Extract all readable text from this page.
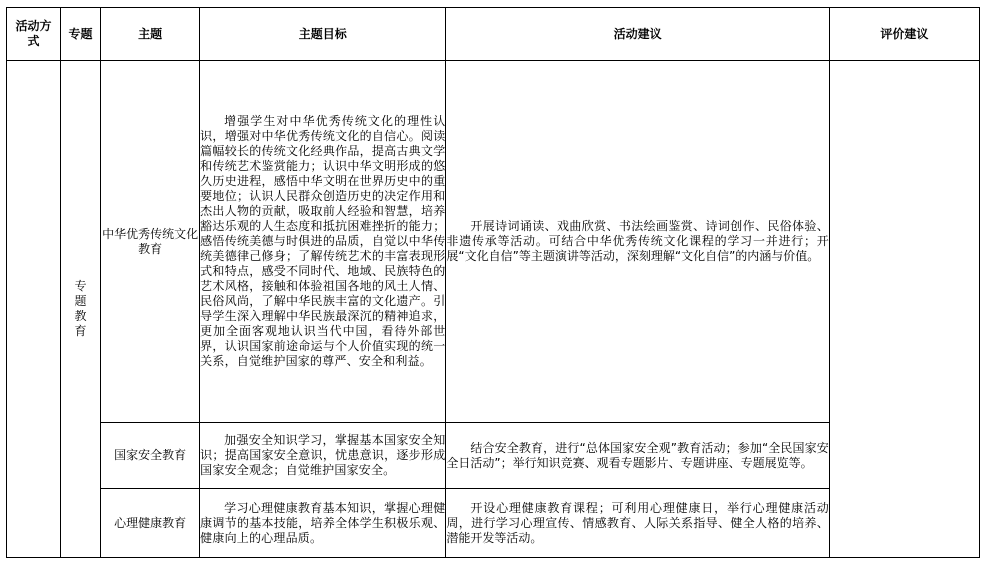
活动方式	专题	主题	主题目标	活动建议	评价建议
	专题教育	中华优秀传统文化教育	增强学生对中华优秀传统文化的理性认识，增强对中华优秀传统文化的自信心。阅读篇幅较长的传统文化经典作品，提高古典文学和传统艺术鉴赏能力；认识中华文明形成的悠久历史进程，感悟中华文明在世界历史中的重要地位；认识人民群众创造历史的决定作用和杰出人物的贡献，吸取前人经验和智慧，培养豁达乐观的人生态度和抵抗困难挫折的能力；感悟传统美德与时俱进的品质，自觉以中华传统美德律己修身；了解传统艺术的丰富表现形式和特点，感受不同时代、地域、民族特色的艺术风格，接触和体验祖国各地的风土人情、民俗风尚，了解中华民族丰富的文化遗产。引导学生深入理解中华民族最深沉的精神追求，更加全面客观地认识当代中国，看待外部世界，认识国家前途命运与个人价值实现的统一关系，自觉维护国家的尊严、安全和利益。	开展诗词诵读、戏曲欣赏、书法绘画鉴赏、诗词创作、民俗体验、非遗传承等活动。可结合中华优秀传统文化课程的学习一并进行；开展“文化自信”等主题演讲等活动，深刻理解“文化自信”的内涵与价值。	

		国家安全教育	加强安全知识学习，掌握基本国家安全知识；提高国家安全意识，忧患意识，逐步形成国家安全观念；自觉维护国家安全。	结合安全教育，进行“总体国家安全观”教育活动；参加“全民国家安全日活动”；举行知识竞赛、观看专题影片、专题讲座、专题展览等。	

		心理健康教育	学习心理健康教育基本知识，掌握心理健康调节的基本技能，培养全体学生积极乐观、健康向上的心理品质。	开设心理健康教育课程；可利用心理健康日，举行心理健康活动周，进行学习心理宣传、情感教育、人际关系指导、健全人格的培养、潜能开发等活动。	
